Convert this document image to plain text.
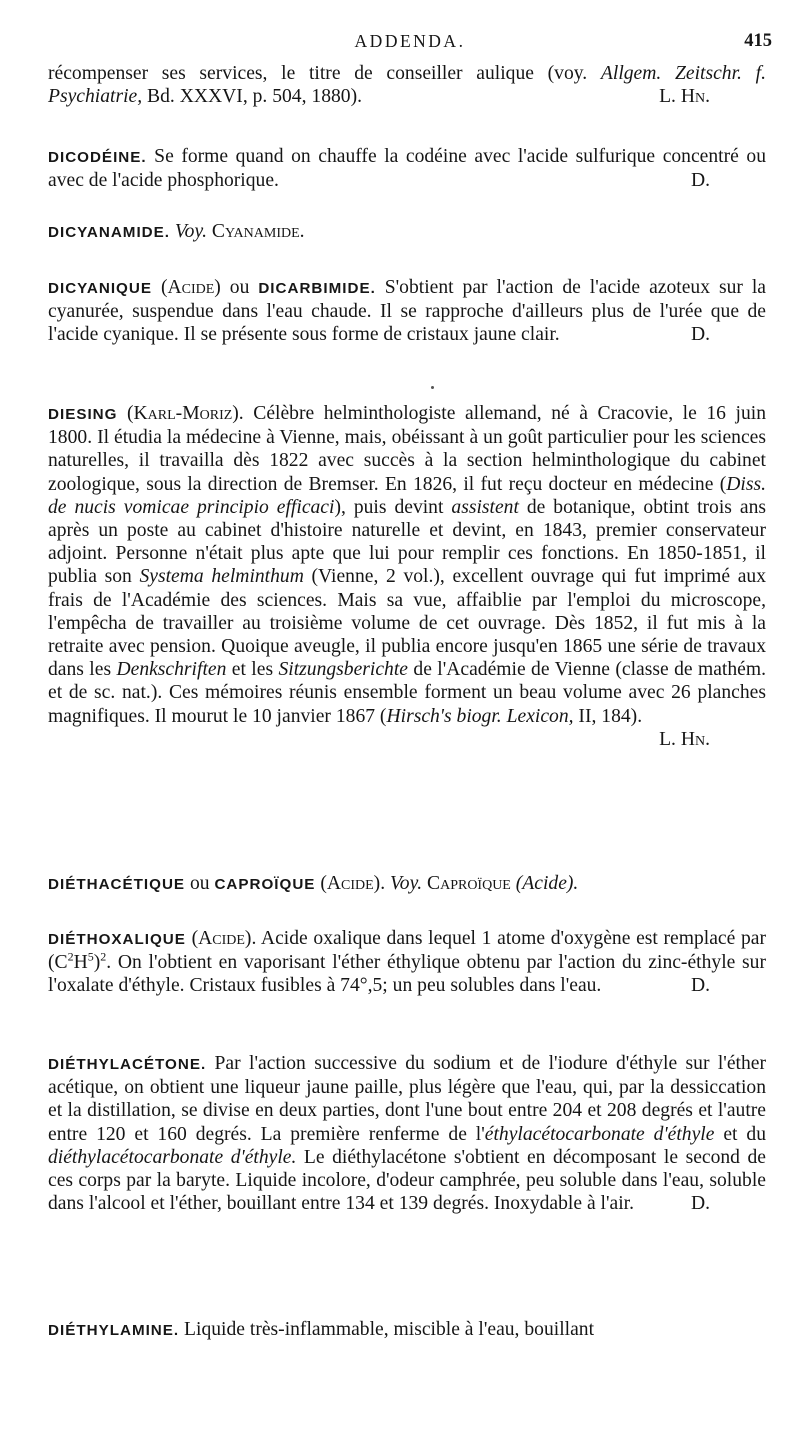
ADDENDA.	415

récompenser ses services, le titre de conseiller aulique (voy. Allgem. Zeitschr. f. Psychiatrie, Bd. XXXVI, p. 504, 1880).	L. Hn.

DICODÉINE. Se forme quand on chauffe la codéine avec l'acide sulfurique concentré ou avec de l'acide phosphorique.	D.

DICYANAMIDE. Voy. Cyanamide.

DICYANIQUE (Acide) ou DICARBIMIDE. S'obtient par l'action de l'acide azoteux sur la cyanurée, suspendue dans l'eau chaude. Il se rapproche d'ailleurs plus de l'urée que de l'acide cyanique. Il se présente sous forme de cristaux jaune clair.	D.

DIESING (Karl-Moriz). Célèbre helminthologiste allemand, né à Cracovie, le 16 juin 1800. Il étudia la médecine à Vienne, mais, obéissant à un goût particulier pour les sciences naturelles, il travailla dès 1822 avec succès à la section helminthologique du cabinet zoologique, sous la direction de Bremser. En 1826, il fut reçu docteur en médecine (Diss. de nucis vomicae principio efficaci), puis devint assistent de botanique, obtint trois ans après un poste au cabinet d'histoire naturelle et devint, en 1843, premier conservateur adjoint. Personne n'était plus apte que lui pour remplir ces fonctions. En 1850-1851, il publia son Systema helminthum (Vienne, 2 vol.), excellent ouvrage qui fut imprimé aux frais de l'Académie des sciences. Mais sa vue, affaiblie par l'emploi du microscope, l'empêcha de travailler au troisième volume de cet ouvrage. Dès 1852, il fut mis à la retraite avec pension. Quoique aveugle, il publia encore jusqu'en 1865 une série de travaux dans les Denkschriften et les Sitzungsberichte de l'Académie de Vienne (classe de mathém. et de sc. nat.). Ces mémoires réunis ensemble forment un beau volume avec 26 planches magnifiques. Il mourut le 10 janvier 1867 (Hirsch's biogr. Lexicon, II, 184).

L. Hn.

DIÉTHACÉTIQUE ou CAPROÏQUE (Acide). Voy. Caproïque (Acide).

DIÉTHOXALIQUE (Acide). Acide oxalique dans lequel 1 atome d'oxygène est remplacé par $(C^2H^5)^2$. On l'obtient en vaporisant l'éther éthylique obtenu par l'action du zinc-éthyle sur l'oxalate d'éthyle. Cristaux fusibles à 74°,5; un peu solubles dans l'eau.	D.

DIÉTHYLACÉTONE. Par l'action successive du sodium et de l'iodure d'éthyle sur l'éther acétique, on obtient une liqueur jaune paille, plus légère que l'eau, qui, par la dessiccation et la distillation, se divise en deux parties, dont l'une bout entre 204 et 208 degrés et l'autre entre 120 et 160 degrés. La première renferme de l'éthylacétocarbonate d'éthyle et du diéthylacétocarbonate d'éthyle. Le diéthylacétone s'obtient en décomposant le second de ces corps par la baryte. Liquide incolore, d'odeur camphrée, peu soluble dans l'eau, soluble dans l'alcool et l'éther, bouillant entre 134 et 139 degrés. Inoxydable à l'air.	D.

DIÉTHYLAMINE. Liquide très-inflammable, miscible à l'eau, bouillant
